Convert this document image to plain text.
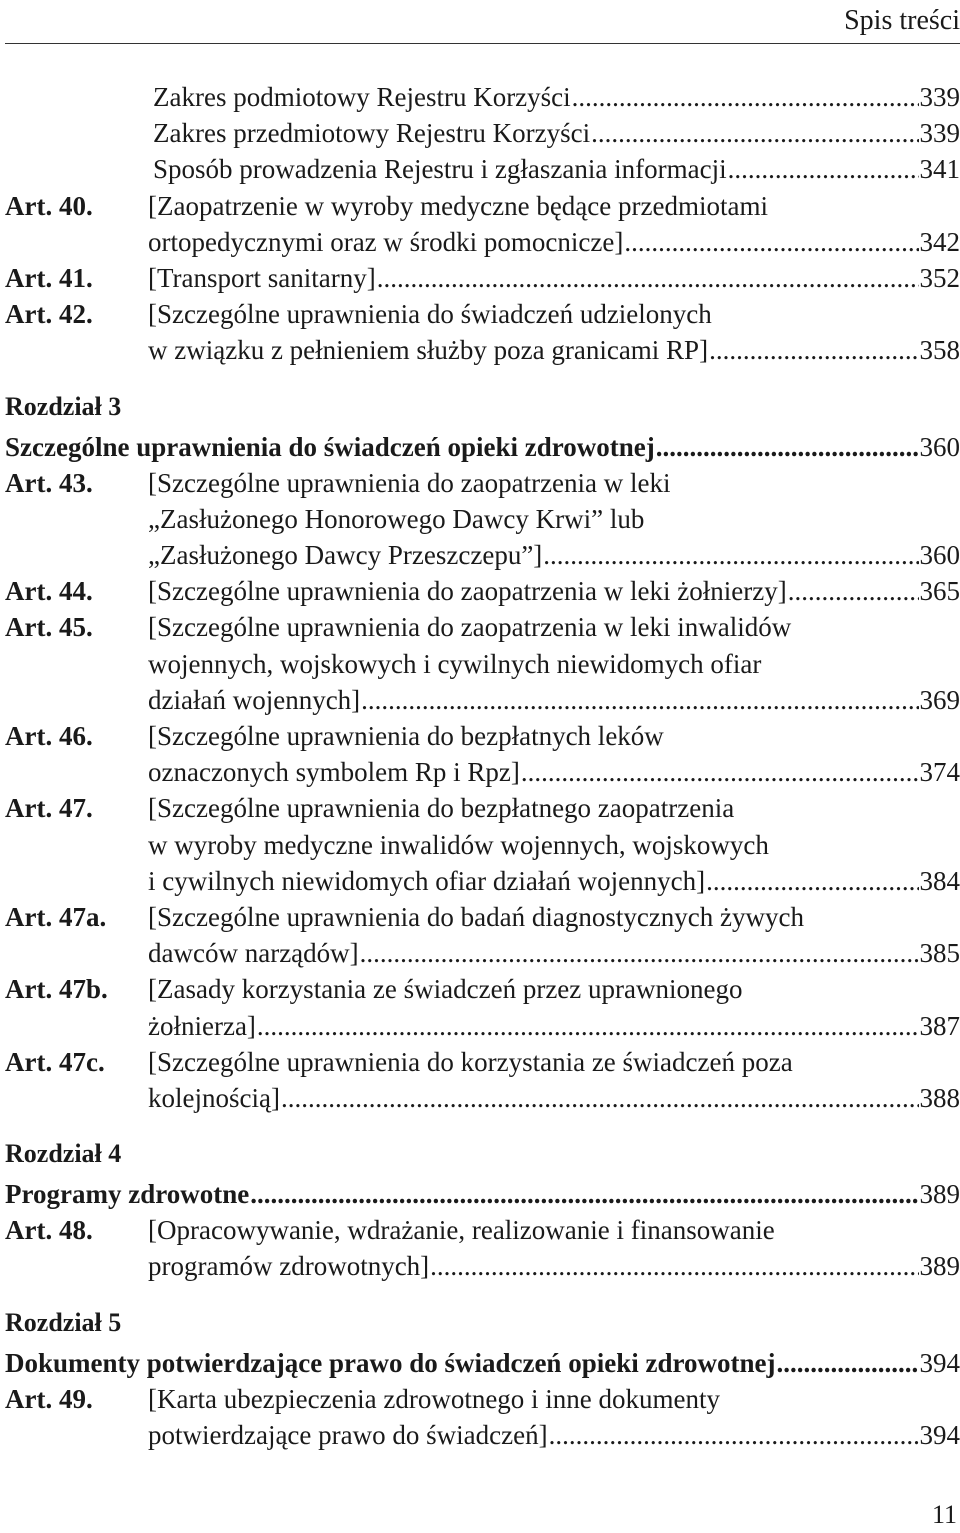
Spis treści
Zakres podmiotowy Rejestru Korzyści .....	339
Zakres przedmiotowy Rejestru Korzyści .....	339
Sposób prowadzenia Rejestru i zgłaszania informacji .....	341
Art. 40.	[Zaopatrzenie w wyroby medyczne będące przedmiotami
ortopedycznymi oraz w środki pomocnicze] .....	342
Art. 41.	[Transport sanitarny] .....	352
Art. 42.	[Szczególne uprawnienia do świadczeń udzielonych
w związku z pełnieniem służby poza granicami RP] .....	358
Rozdział 3
Szczególne uprawnienia do świadczeń opieki zdrowotnej .....	360
Art. 43.	[Szczególne uprawnienia do zaopatrzenia w leki
„Zasłużonego Honorowego Dawcy Krwi” lub
„Zasłużonego Dawcy Przeszczepu”] .....	360
Art. 44.	[Szczególne uprawnienia do zaopatrzenia w leki żołnierzy] .....	365
Art. 45.	[Szczególne uprawnienia do zaopatrzenia w leki inwalidów
wojennych, wojskowych i cywilnych niewidomych ofiar
działań wojennych] .....	369
Art. 46.	[Szczególne uprawnienia do bezpłatnych leków
oznaczonych symbolem Rp i Rpz] .....	374
Art. 47.	[Szczególne uprawnienia do bezpłatnego zaopatrzenia
w wyroby medyczne inwalidów wojennych, wojskowych
i cywilnych niewidomych ofiar działań wojennych] .....	384
Art. 47a.	[Szczególne uprawnienia do badań diagnostycznych żywych
dawców narządów] .....	385
Art. 47b.	[Zasady korzystania ze świadczeń przez uprawnionego
żołnierza] .....	387
Art. 47c.	[Szczególne uprawnienia do korzystania ze świadczeń poza
kolejnością] .....	388
Rozdział 4
Programy zdrowotne .....	389
Art. 48.	[Opracowywanie, wdrażanie, realizowanie i finansowanie
programów zdrowotnych] .....	389
Rozdział 5
Dokumenty potwierdzające prawo do świadczeń opieki zdrowotnej .....	394
Art. 49.	[Karta ubezpieczenia zdrowotnego i inne dokumenty
potwierdzające prawo do świadczeń] .....	394
11
